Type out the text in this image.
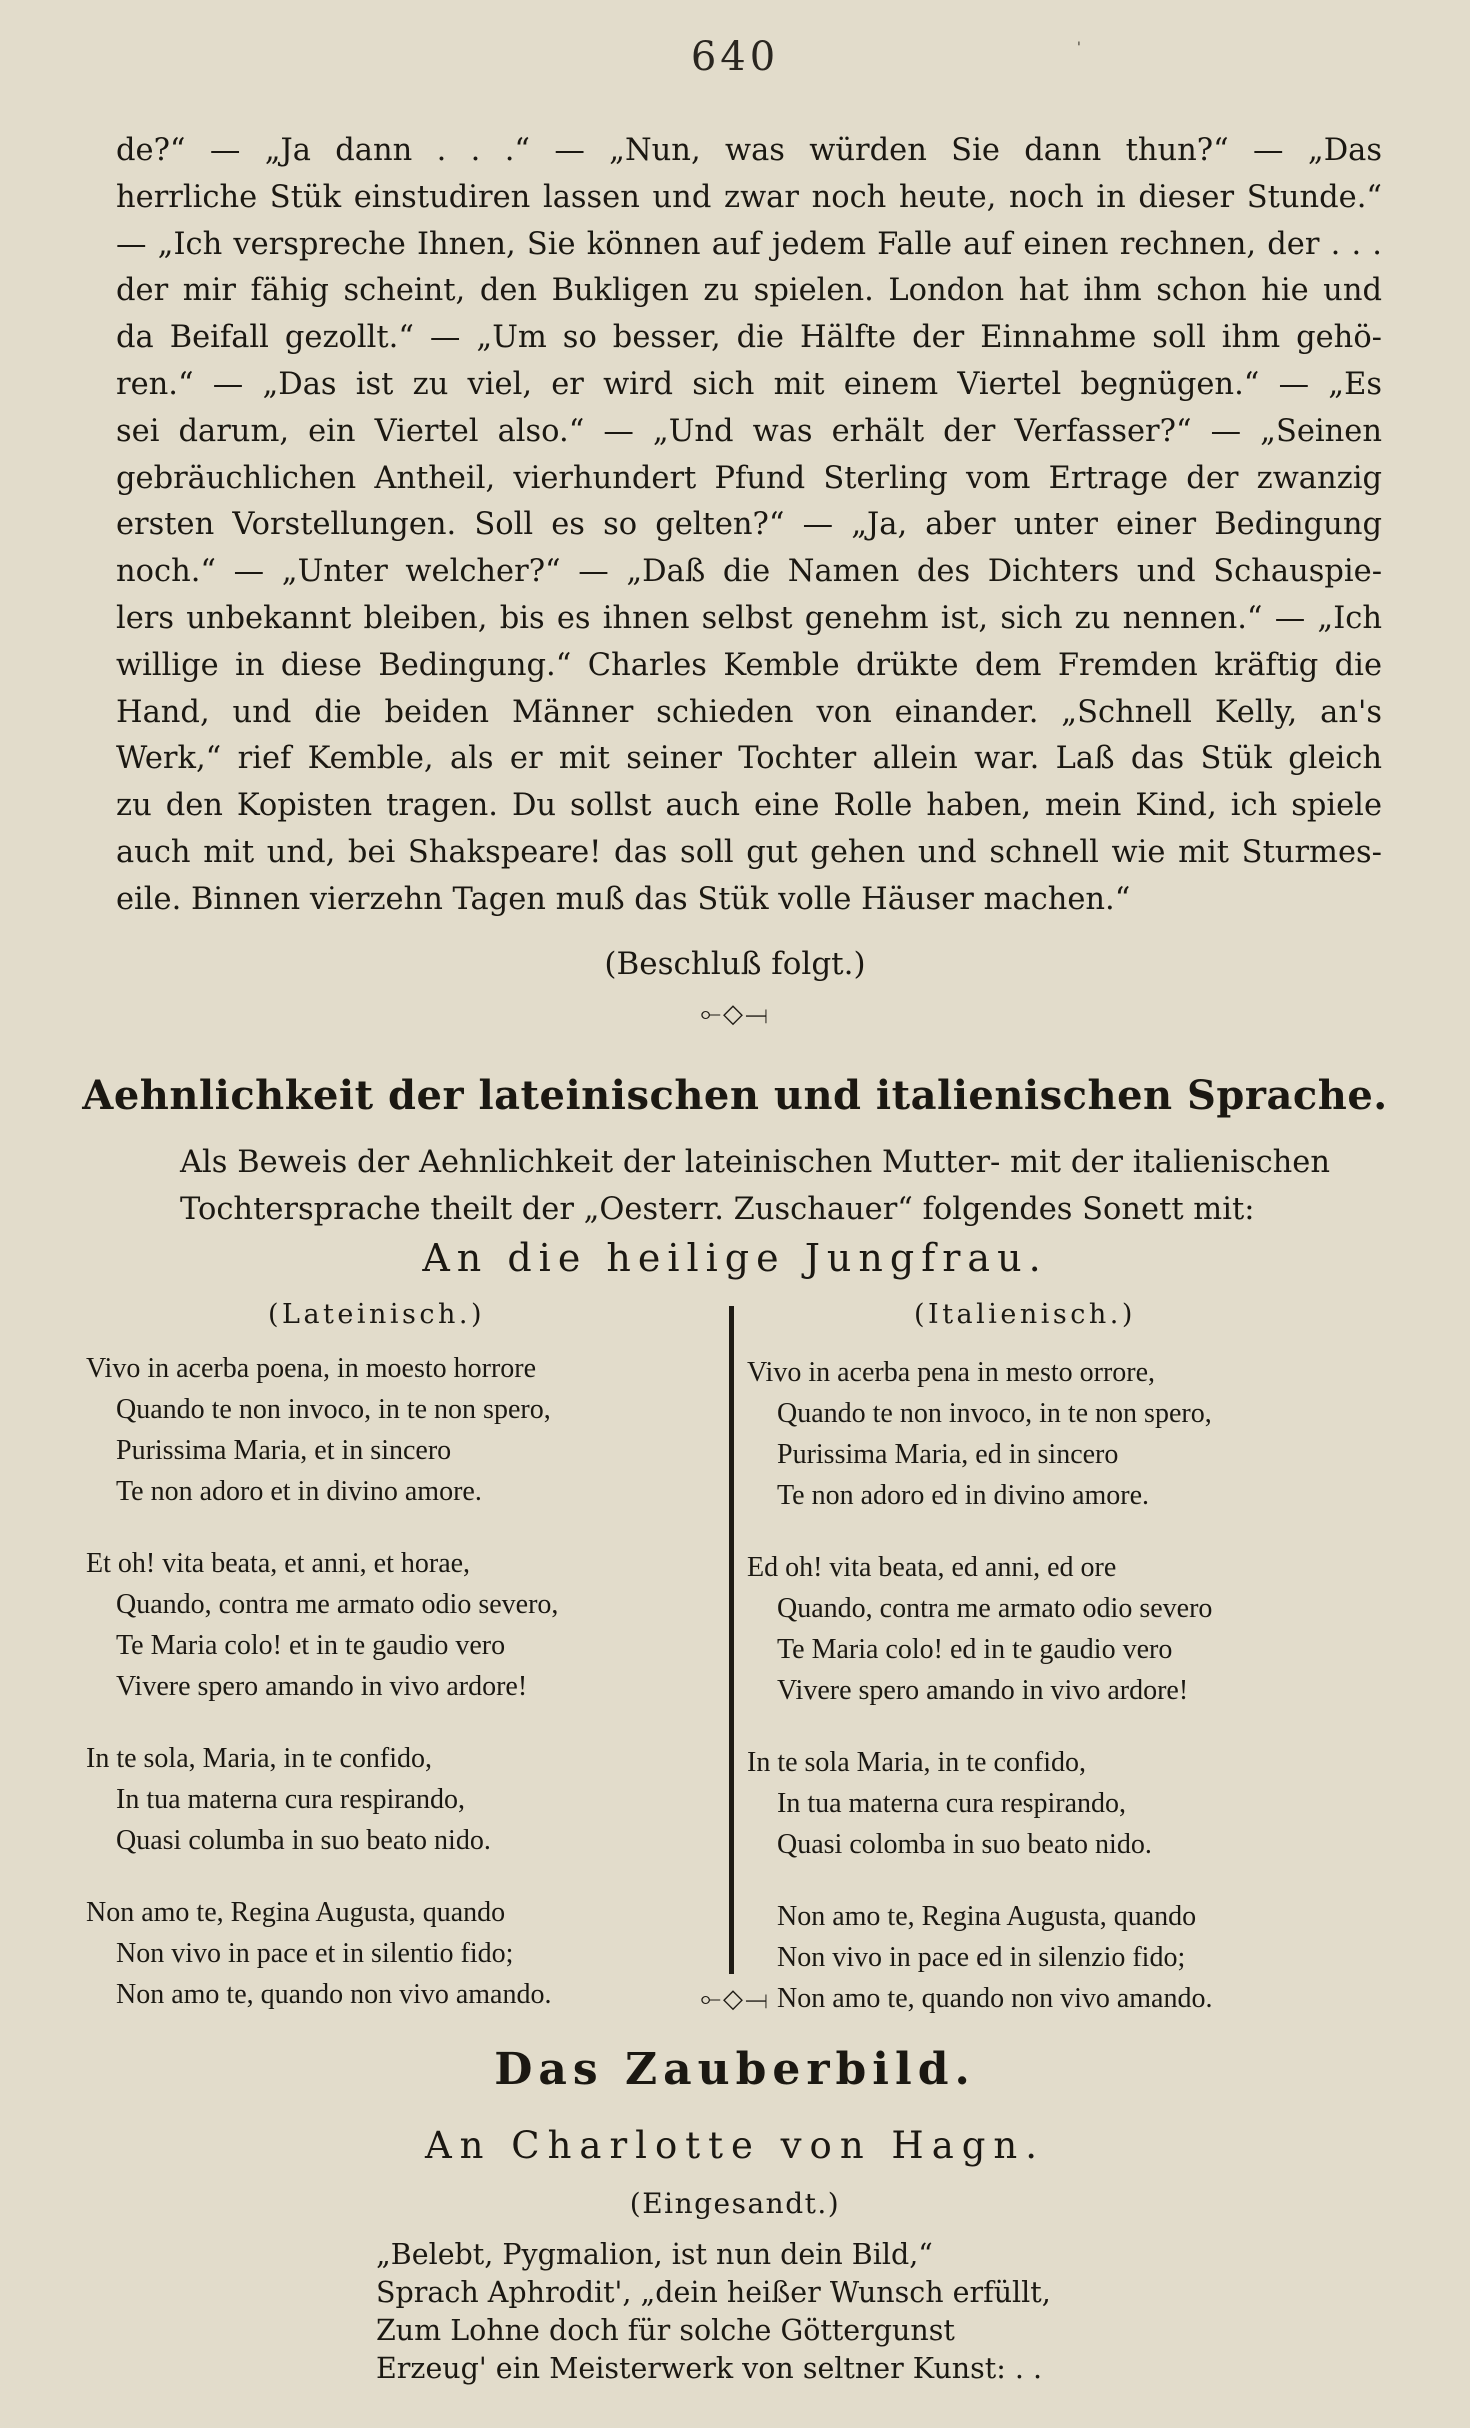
640	'
de?“ — „Ja dann . . .“ — „Nun, was würden Sie dann thun?“ — „Das
herrliche Stük einstudiren lassen und zwar noch heute, noch in dieser Stunde.“
— „Ich verspreche Ihnen, Sie können auf jedem Falle auf einen rechnen, der . . .
der mir fähig scheint, den Bukligen zu spielen. London hat ihm schon hie und
da Beifall gezollt.“ — „Um so besser, die Hälfte der Einnahme soll ihm gehö-
ren.“ — „Das ist zu viel, er wird sich mit einem Viertel begnügen.“ — „Es
sei darum, ein Viertel also.“ — „Und was erhält der Verfasser?“ — „Seinen
gebräuchlichen Antheil, vierhundert Pfund Sterling vom Ertrage der zwanzig
ersten Vorstellungen. Soll es so gelten?“ — „Ja, aber unter einer Bedingung
noch.“ — „Unter welcher?“ — „Daß die Namen des Dichters und Schauspie-
lers unbekannt bleiben, bis es ihnen selbst genehm ist, sich zu nennen.“ — „Ich
willige in diese Bedingung.“ Charles Kemble drükte dem Fremden kräftig die
Hand, und die beiden Männer schieden von einander. „Schnell Kelly, an's
Werk,“ rief Kemble, als er mit seiner Tochter allein war. Laß das Stük gleich
zu den Kopisten tragen. Du sollst auch eine Rolle haben, mein Kind, ich spiele
auch mit und, bei Shakspeare! das soll gut gehen und schnell wie mit Sturmes-
eile. Binnen vierzehn Tagen muß das Stük volle Häuser machen.“
(Beschluß folgt.)
⟜◇⟞
Aehnlichkeit der lateinischen und italienischen Sprache.
Als Beweis der Aehnlichkeit der lateinischen Mutter- mit der italienischen
Tochtersprache theilt der „Oesterr. Zuschauer“ folgendes Sonett mit:
An die heilige Jungfrau.
(Lateinisch.)	(Italienisch.)
Vivo in acerba poena, in moesto horrore
Quando te non invoco, in te non spero,
Purissima Maria, et in sincero
Te non adoro et in divino amore.
Et oh! vita beata, et anni, et horae,
Quando, contra me armato odio severo,
Te Maria colo! et in te gaudio vero
Vivere spero amando in vivo ardore!
In te sola, Maria, in te confido,
In tua materna cura respirando,
Quasi columba in suo beato nido.
Non amo te, Regina Augusta, quando
Non vivo in pace et in silentio fido;
Non amo te, quando non vivo amando.
Vivo in acerba pena in mesto orrore,
Quando te non invoco, in te non spero,
Purissima Maria, ed in sincero
Te non adoro ed in divino amore.
Ed oh! vita beata, ed anni, ed ore
Quando, contra me armato odio severo
Te Maria colo! ed in te gaudio vero
Vivere spero amando in vivo ardore!
In te sola Maria, in te confido,
In tua materna cura respirando,
Quasi colomba in suo beato nido.
Non amo te, Regina Augusta, quando
Non vivo in pace ed in silenzio fido;
Non amo te, quando non vivo amando.
⟜◇⟞
Das Zauberbild.
An Charlotte von Hagn.
(Eingesandt.)
„Belebt, Pygmalion, ist nun dein Bild,“
Sprach Aphrodit', „dein heißer Wunsch erfüllt,
Zum Lohne doch für solche Göttergunst
Erzeug' ein Meisterwerk von seltner Kunst: . .
